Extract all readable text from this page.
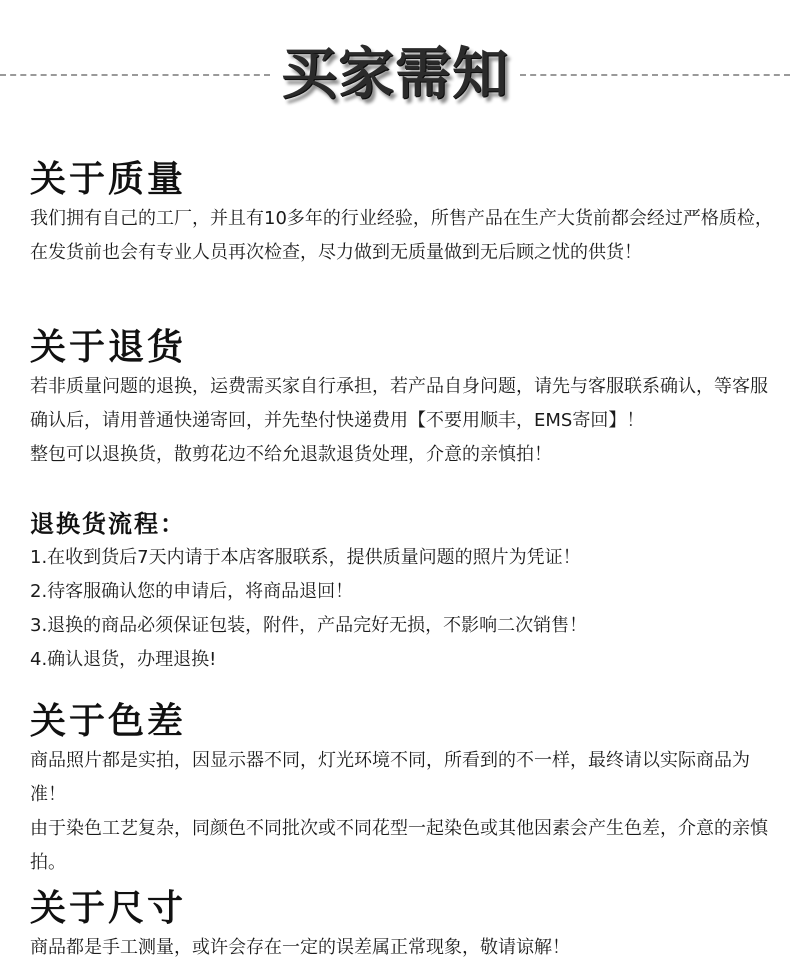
买家需知
关于质量

我们拥有自己的工厂，并且有10多年的行业经验，所售产品在生产大货前都会经过严格质检，在发货前也会有专业人员再次检查，尽力做到无质量做到无后顾之忧的供货！

关于退货

若非质量问题的退换，运费需买家自行承担，若产品自身问题，请先与客服联系确认，等客服确认后，请用普通快递寄回，并先垫付快递费用【不要用顺丰，EMS寄回】！

整包可以退换货，散剪花边不给允退款退货处理，介意的亲慎拍！

退换货流程：

1.在收到货后7天内请于本店客服联系，提供质量问题的照片为凭证！

2.待客服确认您的申请后，将商品退回！

3.退换的商品必须保证包装，附件，产品完好无损，不影响二次销售！

4.确认退货，办理退换!

关于色差

商品照片都是实拍，因显示器不同，灯光环境不同，所看到的不一样，最终请以实际商品为准！

由于染色工艺复杂，同颜色不同批次或不同花型一起染色或其他因素会产生色差，介意的亲慎拍。

关于尺寸

商品都是手工测量，或许会存在一定的误差属正常现象，敬请谅解！
